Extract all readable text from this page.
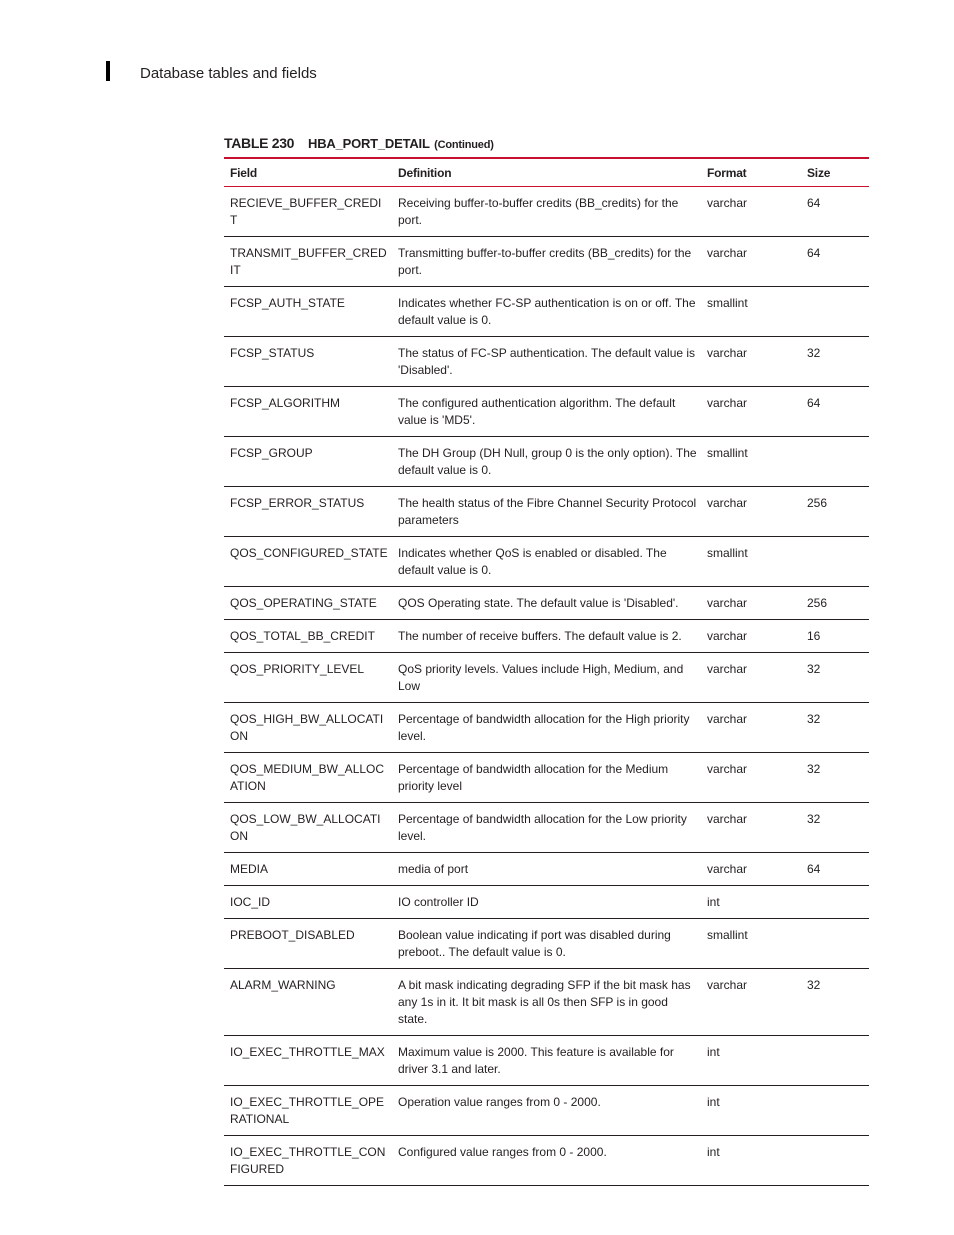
Database tables and fields
TABLE 230 HBA_PORT_DETAIL (Continued)
Field	Definition	Format	Size
RECIEVE_BUFFER_CREDIT	Receiving buffer-to-buffer credits (BB_credits) for the port.	varchar	64
TRANSMIT_BUFFER_CREDIT	Transmitting buffer-to-buffer credits (BB_credits) for the port.	varchar	64
FCSP_AUTH_STATE	Indicates whether FC-SP authentication is on or off. The default value is 0.	smallint	
FCSP_STATUS	The status of FC-SP authentication. The default value is 'Disabled'.	varchar	32
FCSP_ALGORITHM	The configured authentication algorithm. The default value is 'MD5'.	varchar	64
FCSP_GROUP	The DH Group (DH Null, group 0 is the only option). The default value is 0.	smallint	
FCSP_ERROR_STATUS	The health status of the Fibre Channel Security Protocol parameters	varchar	256
QOS_CONFIGURED_STATE	Indicates whether QoS is enabled or disabled. The default value is 0.	smallint	
QOS_OPERATING_STATE	QOS Operating state. The default value is 'Disabled'.	varchar	256
QOS_TOTAL_BB_CREDIT	The number of receive buffers. The default value is 2.	varchar	16
QOS_PRIORITY_LEVEL	QoS priority levels. Values include High, Medium, and Low	varchar	32
QOS_HIGH_BW_ALLOCATION	Percentage of bandwidth allocation for the High priority level.	varchar	32
QOS_MEDIUM_BW_ALLOCATION	Percentage of bandwidth allocation for the Medium priority level	varchar	32
QOS_LOW_BW_ALLOCATION	Percentage of bandwidth allocation for the Low priority level.	varchar	32
MEDIA	media of port	varchar	64
IOC_ID	IO controller ID	int	
PREBOOT_DISABLED	Boolean value indicating if port was disabled during preboot.. The default value is 0.	smallint	
ALARM_WARNING	A bit mask indicating degrading SFP if the bit mask has any 1s in it. It bit mask is all 0s then SFP is in good state.	varchar	32
IO_EXEC_THROTTLE_MAX	Maximum value is 2000. This feature is available for driver 3.1 and later.	int	
IO_EXEC_THROTTLE_OPERATIONAL	Operation value ranges from 0 - 2000.	int	
IO_EXEC_THROTTLE_CONFIGURED	Configured value ranges from 0 - 2000.	int	
